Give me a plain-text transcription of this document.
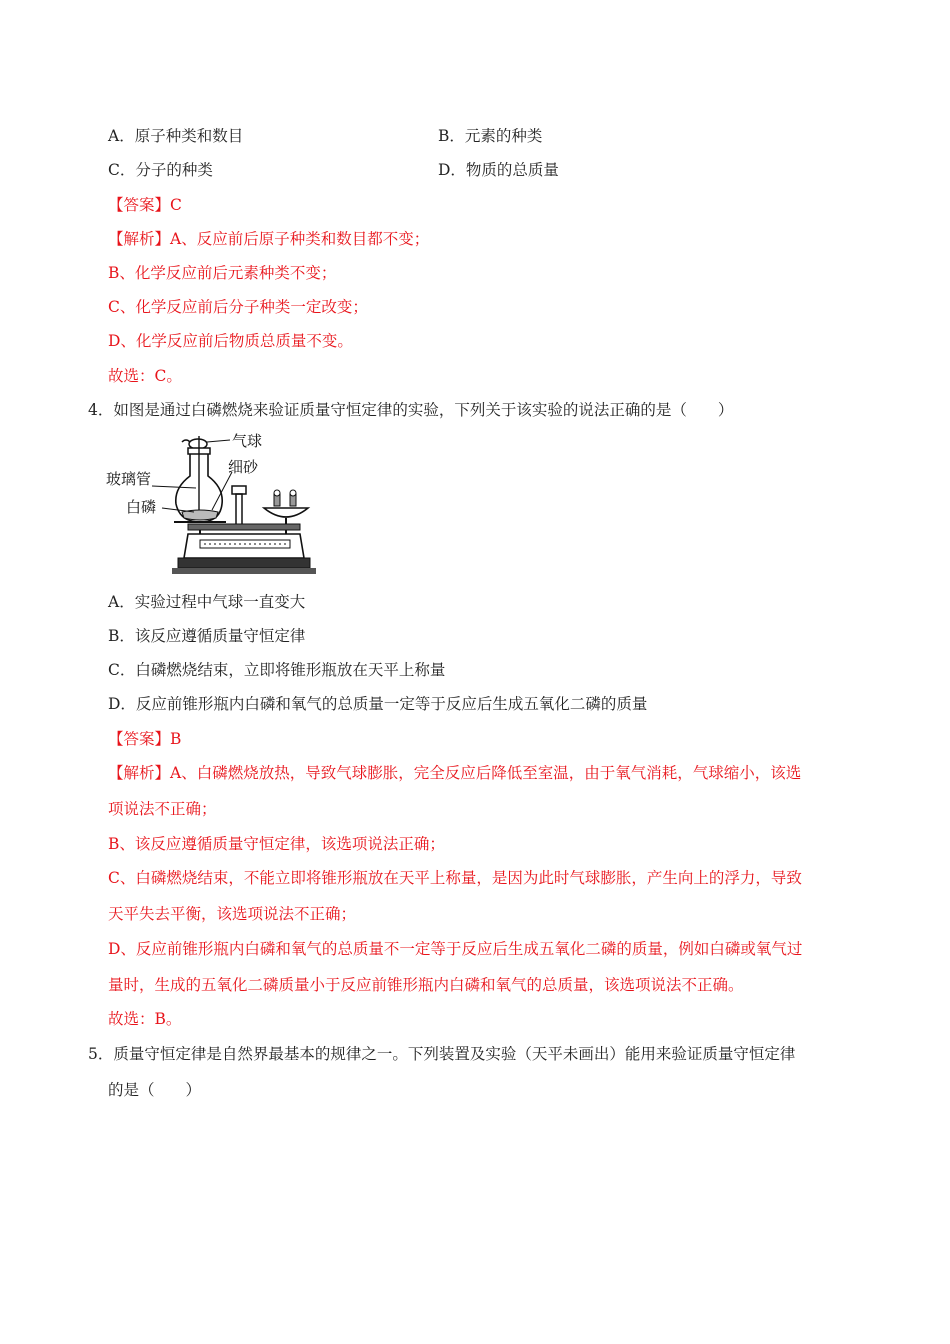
A．原子种类和数目	B．元素的种类
C．分子的种类	D．物质的总质量
【答案】C
【解析】A、反应前后原子种类和数目都不变；
B、化学反应前后元素种类不变；
C、化学反应前后分子种类一定改变；
D、化学反应前后物质总质量不变。
故选：C。
4．如图是通过白磷燃烧来验证质量守恒定律的实验，下列关于该实验的说法正确的是（　　）
气球
细砂
玻璃管
白磷
A．实验过程中气球一直变大
B．该反应遵循质量守恒定律
C．白磷燃烧结束，立即将锥形瓶放在天平上称量
D．反应前锥形瓶内白磷和氧气的总质量一定等于反应后生成五氧化二磷的质量
【答案】B
【解析】A、白磷燃烧放热，导致气球膨胀，完全反应后降低至室温，由于氧气消耗，气球缩小，该选
项说法不正确；
B、该反应遵循质量守恒定律，该选项说法正确；
C、白磷燃烧结束，不能立即将锥形瓶放在天平上称量，是因为此时气球膨胀，产生向上的浮力，导致
天平失去平衡，该选项说法不正确；
D、反应前锥形瓶内白磷和氧气的总质量不一定等于反应后生成五氧化二磷的质量，例如白磷或氧气过
量时，生成的五氧化二磷质量小于反应前锥形瓶内白磷和氧气的总质量，该选项说法不正确。
故选：B。
5．质量守恒定律是自然界最基本的规律之一。下列装置及实验（天平未画出）能用来验证质量守恒定律
的是（　　）
